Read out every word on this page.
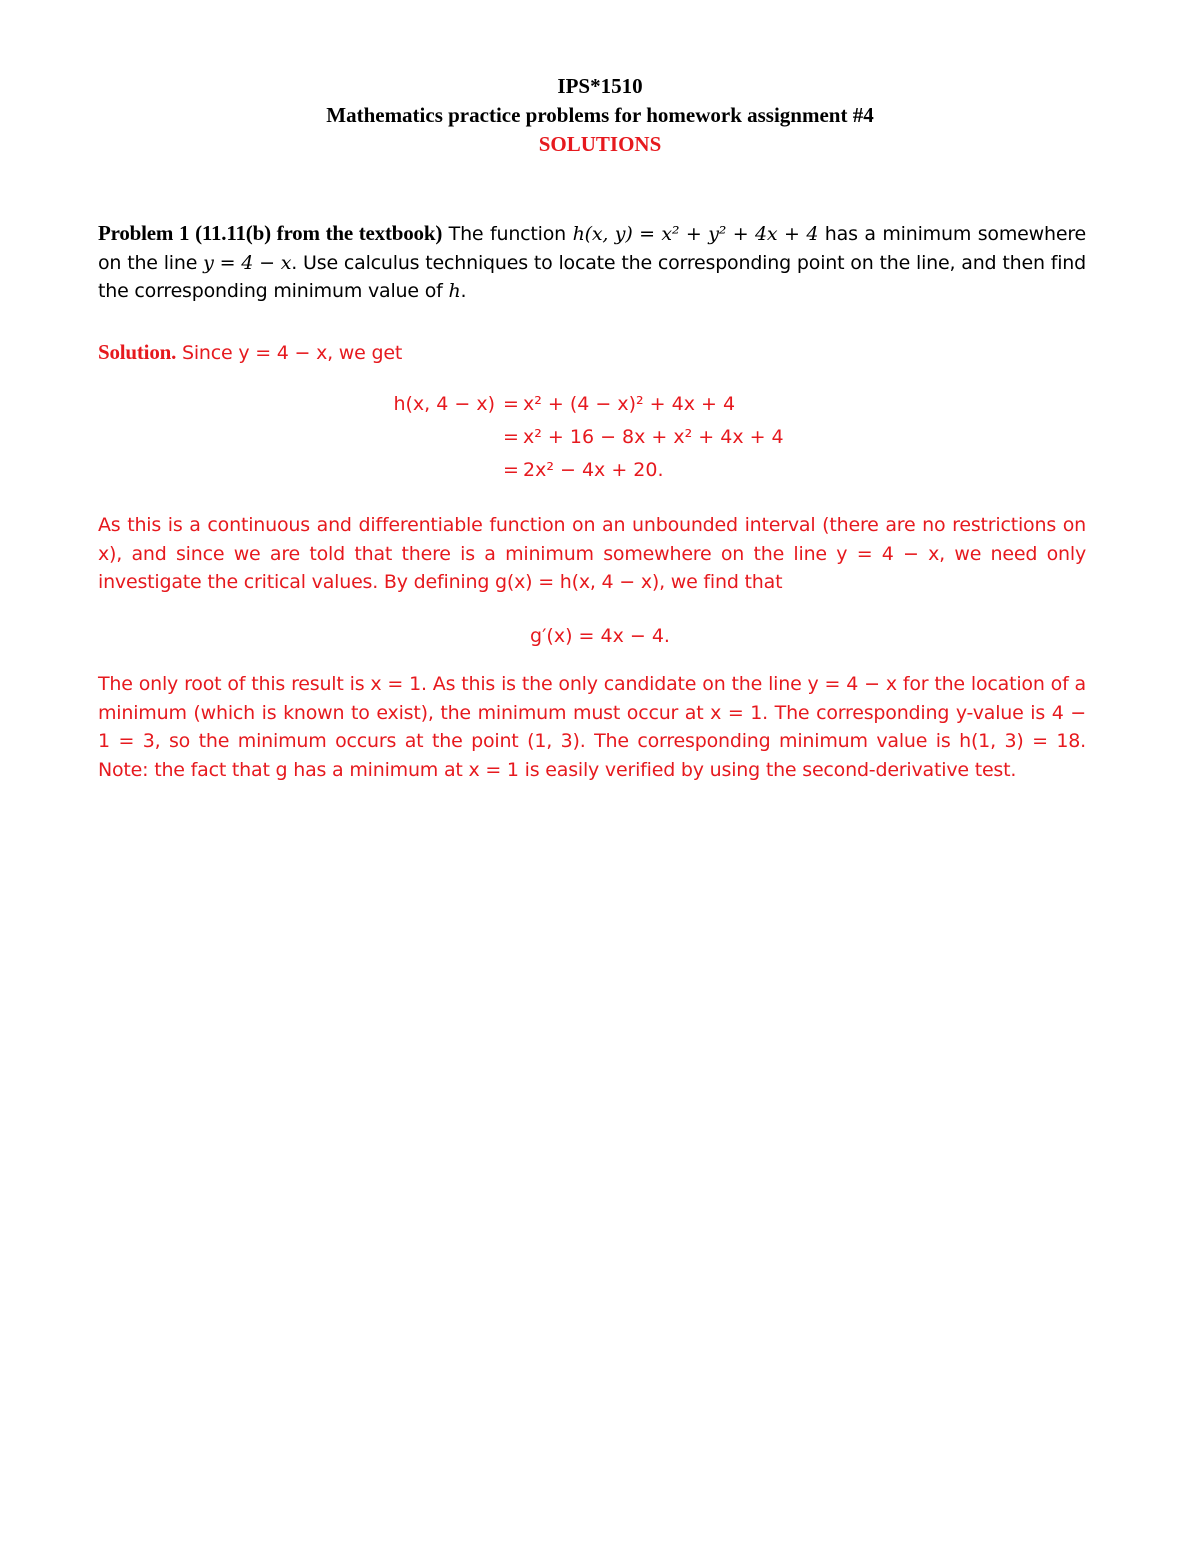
IPS*1510
Mathematics practice problems for homework assignment #4
SOLUTIONS
Problem 1 (11.11(b) from the textbook) The function h(x, y) = x² + y² + 4x + 4 has a minimum somewhere on the line y = 4 − x. Use calculus techniques to locate the corresponding point on the line, and then find the corresponding minimum value of h.
Solution. Since y = 4 − x, we get
h(x, 4 − x) = x² + (4 − x)² + 4x + 4
= x² + 16 − 8x + x² + 4x + 4
= 2x² − 4x + 20.
As this is a continuous and differentiable function on an unbounded interval (there are no restrictions on x), and since we are told that there is a minimum somewhere on the line y = 4 − x, we need only investigate the critical values. By defining g(x) = h(x, 4 − x), we find that
g′(x) = 4x − 4.
The only root of this result is x = 1. As this is the only candidate on the line y = 4 − x for the location of a minimum (which is known to exist), the minimum must occur at x = 1. The corresponding y-value is 4 − 1 = 3, so the minimum occurs at the point (1, 3). The corresponding minimum value is h(1, 3) = 18. Note: the fact that g has a minimum at x = 1 is easily verified by using the second-derivative test.
